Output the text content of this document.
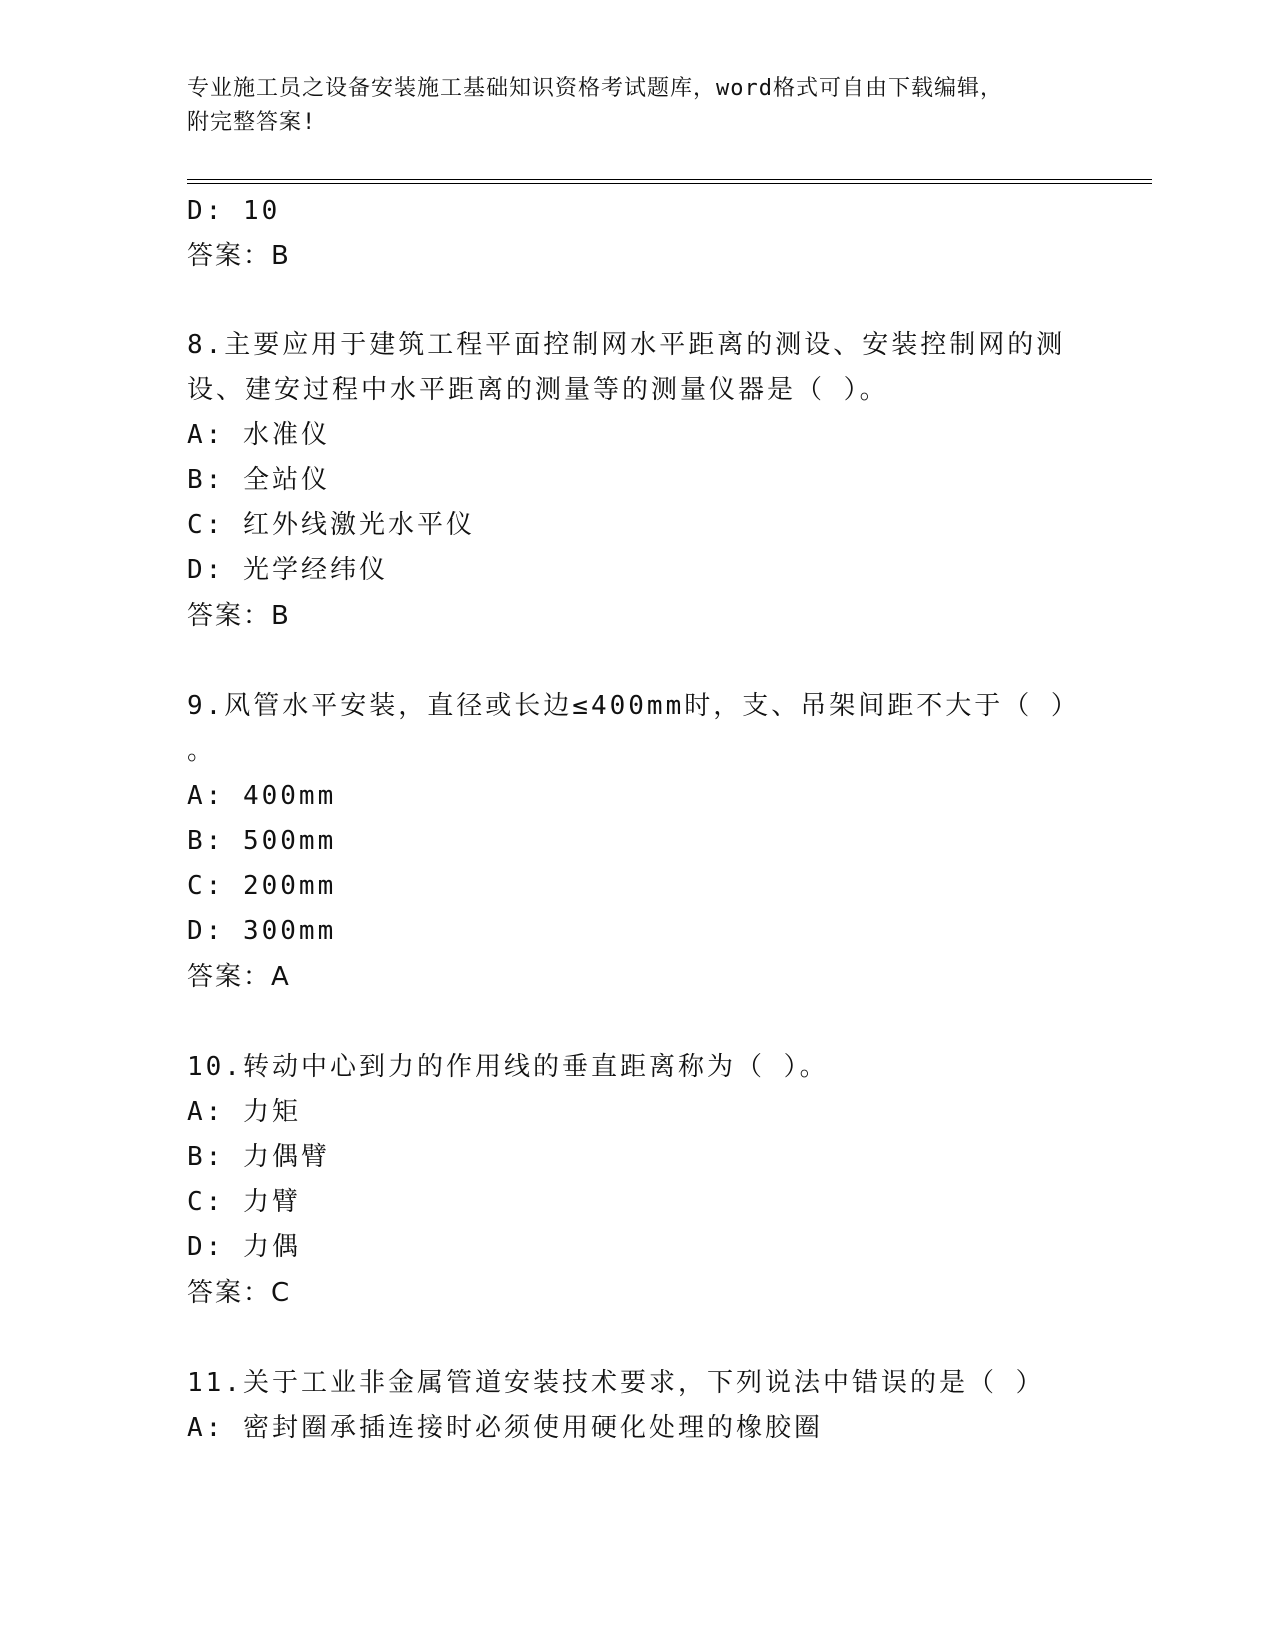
专业施工员之设备安装施工基础知识资格考试题库，word格式可自由下载编辑，
附完整答案!
D: 10
答案：B
8.主要应用于建筑工程平面控制网水平距离的测设、安装控制网的测
设、建安过程中水平距离的测量等的测量仪器是（ ）。
A: 水准仪
B: 全站仪
C: 红外线激光水平仪
D: 光学经纬仪
答案：B
9.风管水平安装，直径或长边≤400mm时，支、吊架间距不大于（ ）
。
A: 400mm
B: 500mm
C: 200mm
D: 300mm
答案：A
10.转动中心到力的作用线的垂直距离称为（ ）。
A: 力矩
B: 力偶臂
C: 力臂
D: 力偶
答案：C
11.关于工业非金属管道安装技术要求，下列说法中错误的是（ ）
A: 密封圈承插连接时必须使用硬化处理的橡胶圈
